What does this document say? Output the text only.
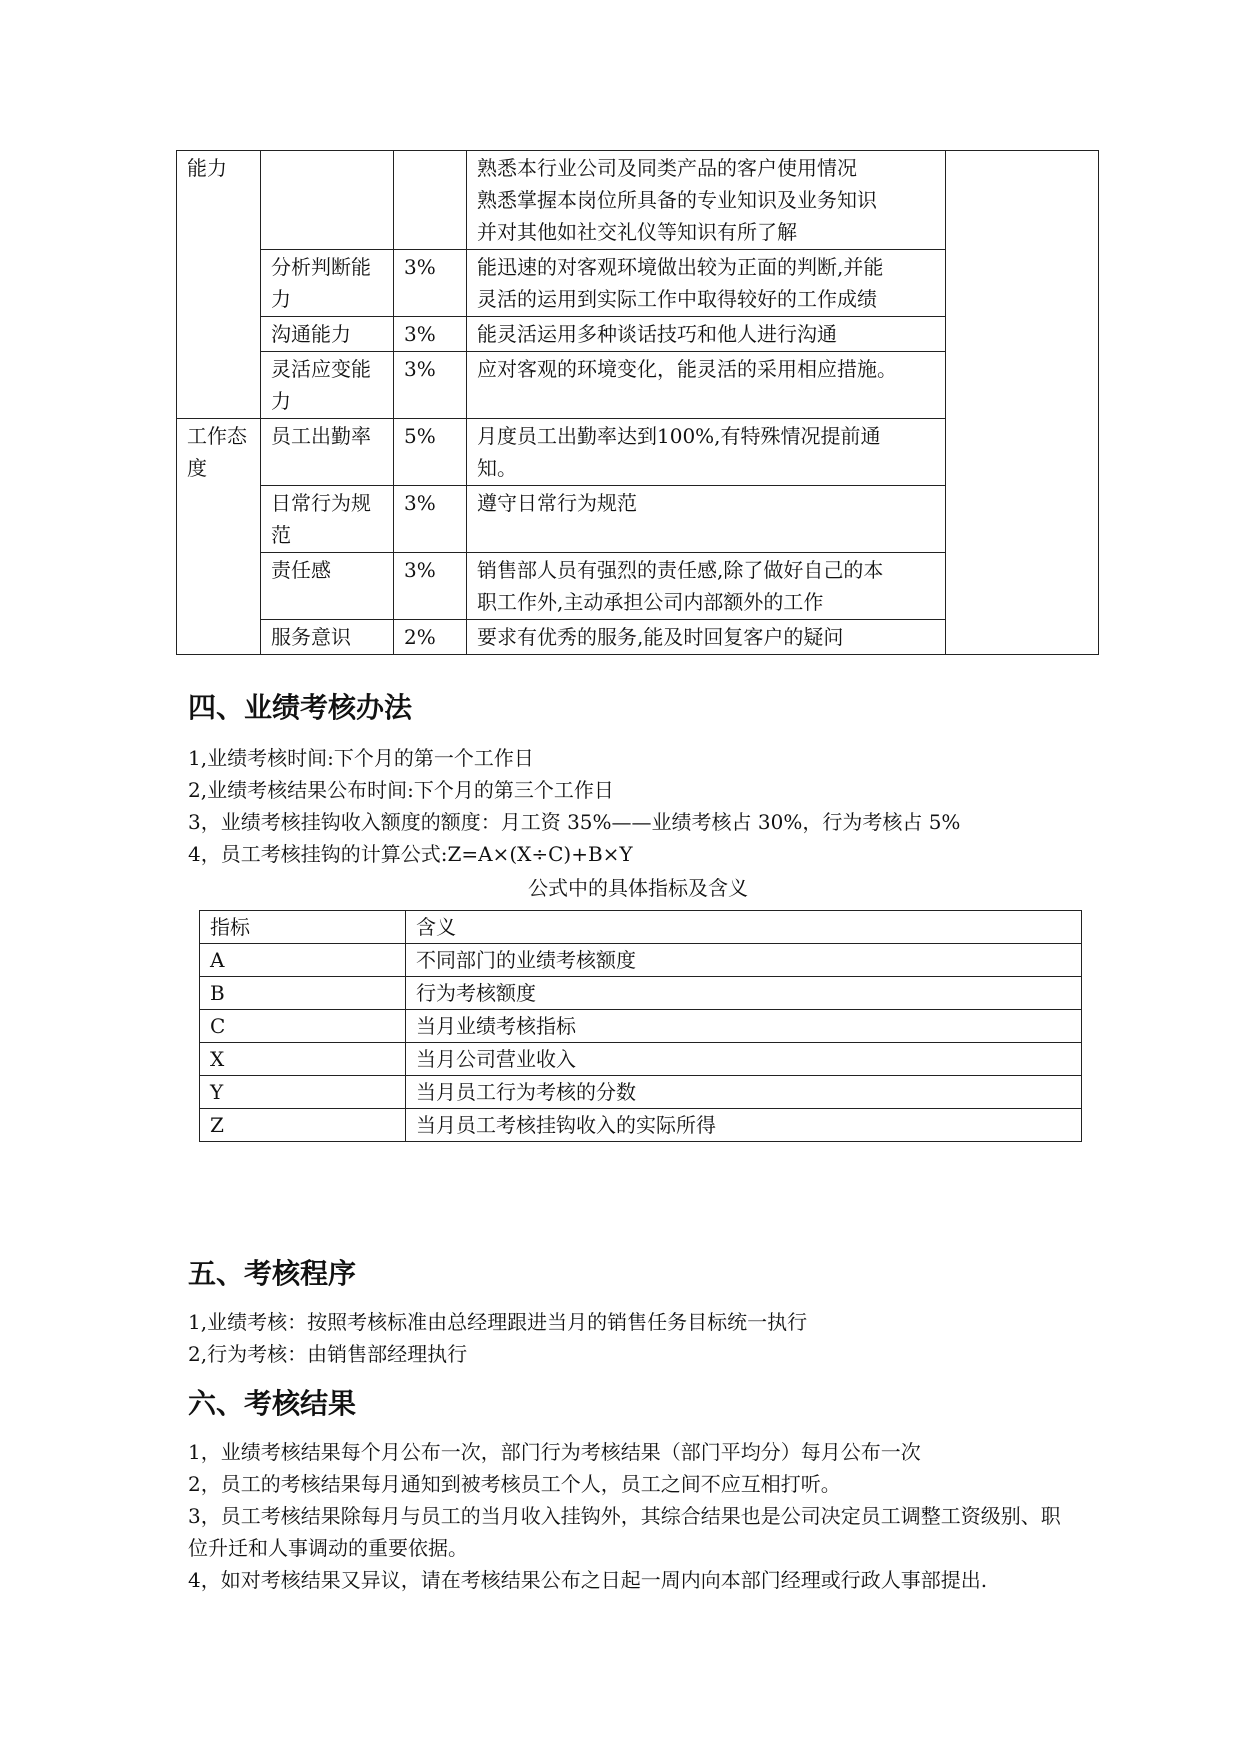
能力			熟悉本行业公司及同类产品的客户使用情况
熟悉掌握本岗位所具备的专业知识及业务知识
并对其他如社交礼仪等知识有所了解	

	分析判断能力	3%	能迅速的对客观环境做出较为正面的判断,并能
灵活的运用到实际工作中取得较好的工作成绩	

	沟通能力	3%	能灵活运用多种谈话技巧和他人进行沟通	

	灵活应变能力	3%	应对客观的环境变化，能灵活的采用相应措施。	

工作态度	员工出勤率	5%	月度员工出勤率达到100%,有特殊情况提前通
知。	

	日常行为规范	3%	遵守日常行为规范	

	责任感	3%	销售部人员有强烈的责任感,除了做好自己的本
职工作外,主动承担公司内部额外的工作	

	服务意识	2%	要求有优秀的服务,能及时回复客户的疑问	
四、业绩考核办法

1,业绩考核时间:下个月的第一个工作日

2,业绩考核结果公布时间:下个月的第三个工作日

3，业绩考核挂钩收入额度的额度：月工资 35%——业绩考核占 30%，行为考核占 5%

4，员工考核挂钩的计算公式:Z=A×(X÷C)+B×Y

公式中的具体指标及含义

指标	含义
A	不同部门的业绩考核额度
B	行为考核额度
C	当月业绩考核指标
X	当月公司营业收入
Y	当月员工行为考核的分数
Z	当月员工考核挂钩收入的实际所得
五、考核程序

1,业绩考核：按照考核标准由总经理跟进当月的销售任务目标统一执行

2,行为考核：由销售部经理执行

六、考核结果

1，业绩考核结果每个月公布一次，部门行为考核结果（部门平均分）每月公布一次

2，员工的考核结果每月通知到被考核员工个人，员工之间不应互相打听。

3，员工考核结果除每月与员工的当月收入挂钩外，其综合结果也是公司决定员工调整工资级别、职位升迁和人事调动的重要依据。

4，如对考核结果又异议，请在考核结果公布之日起一周内向本部门经理或行政人事部提出.
